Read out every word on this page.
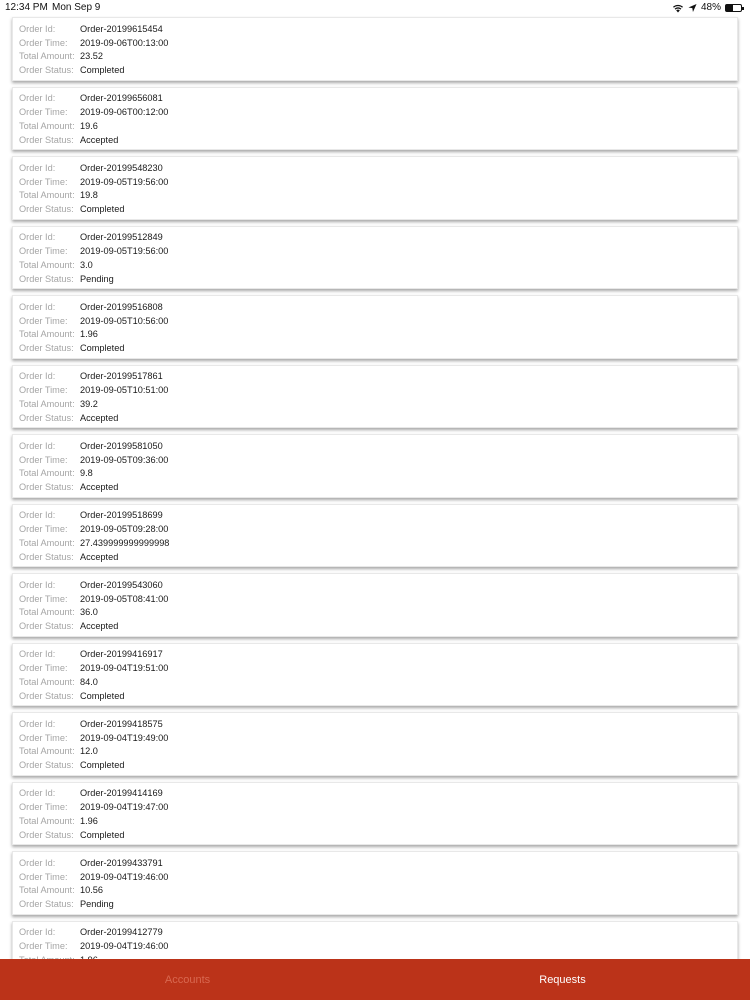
12:34 PM Mon Sep 9	48%
Order Id:	Order-20199615454
Order Time:	2019-09-06T00:13:00
Total Amount: 23.52
Order Status: Completed
Order Id:	Order-20199656081
Order Time:	2019-09-06T00:12:00
Total Amount: 19.6
Order Status: Accepted
Order Id:	Order-20199548230
Order Time:	2019-09-05T19:56:00
Total Amount: 19.8
Order Status: Completed
Order Id:	Order-20199512849
Order Time:	2019-09-05T19:56:00
Total Amount: 3.0
Order Status: Pending
Order Id:	Order-20199516808
Order Time:	2019-09-05T10:56:00
Total Amount: 1.96
Order Status: Completed
Order Id:	Order-20199517861
Order Time:	2019-09-05T10:51:00
Total Amount: 39.2
Order Status: Accepted
Order Id:	Order-20199581050
Order Time:	2019-09-05T09:36:00
Total Amount: 9.8
Order Status: Accepted
Order Id:	Order-20199518699
Order Time:	2019-09-05T09:28:00
Total Amount: 27.439999999999998
Order Status: Accepted
Order Id:	Order-20199543060
Order Time:	2019-09-05T08:41:00
Total Amount: 36.0
Order Status: Accepted
Order Id:	Order-20199416917
Order Time:	2019-09-04T19:51:00
Total Amount: 84.0
Order Status: Completed
Order Id:	Order-20199418575
Order Time:	2019-09-04T19:49:00
Total Amount: 12.0
Order Status: Completed
Order Id:	Order-20199414169
Order Time:	2019-09-04T19:47:00
Total Amount: 1.96
Order Status: Completed
Order Id:	Order-20199433791
Order Time:	2019-09-04T19:46:00
Total Amount: 10.56
Order Status: Pending
Order Id:	Order-20199412779
Order Time:	2019-09-04T19:46:00
Accounts	Requests
